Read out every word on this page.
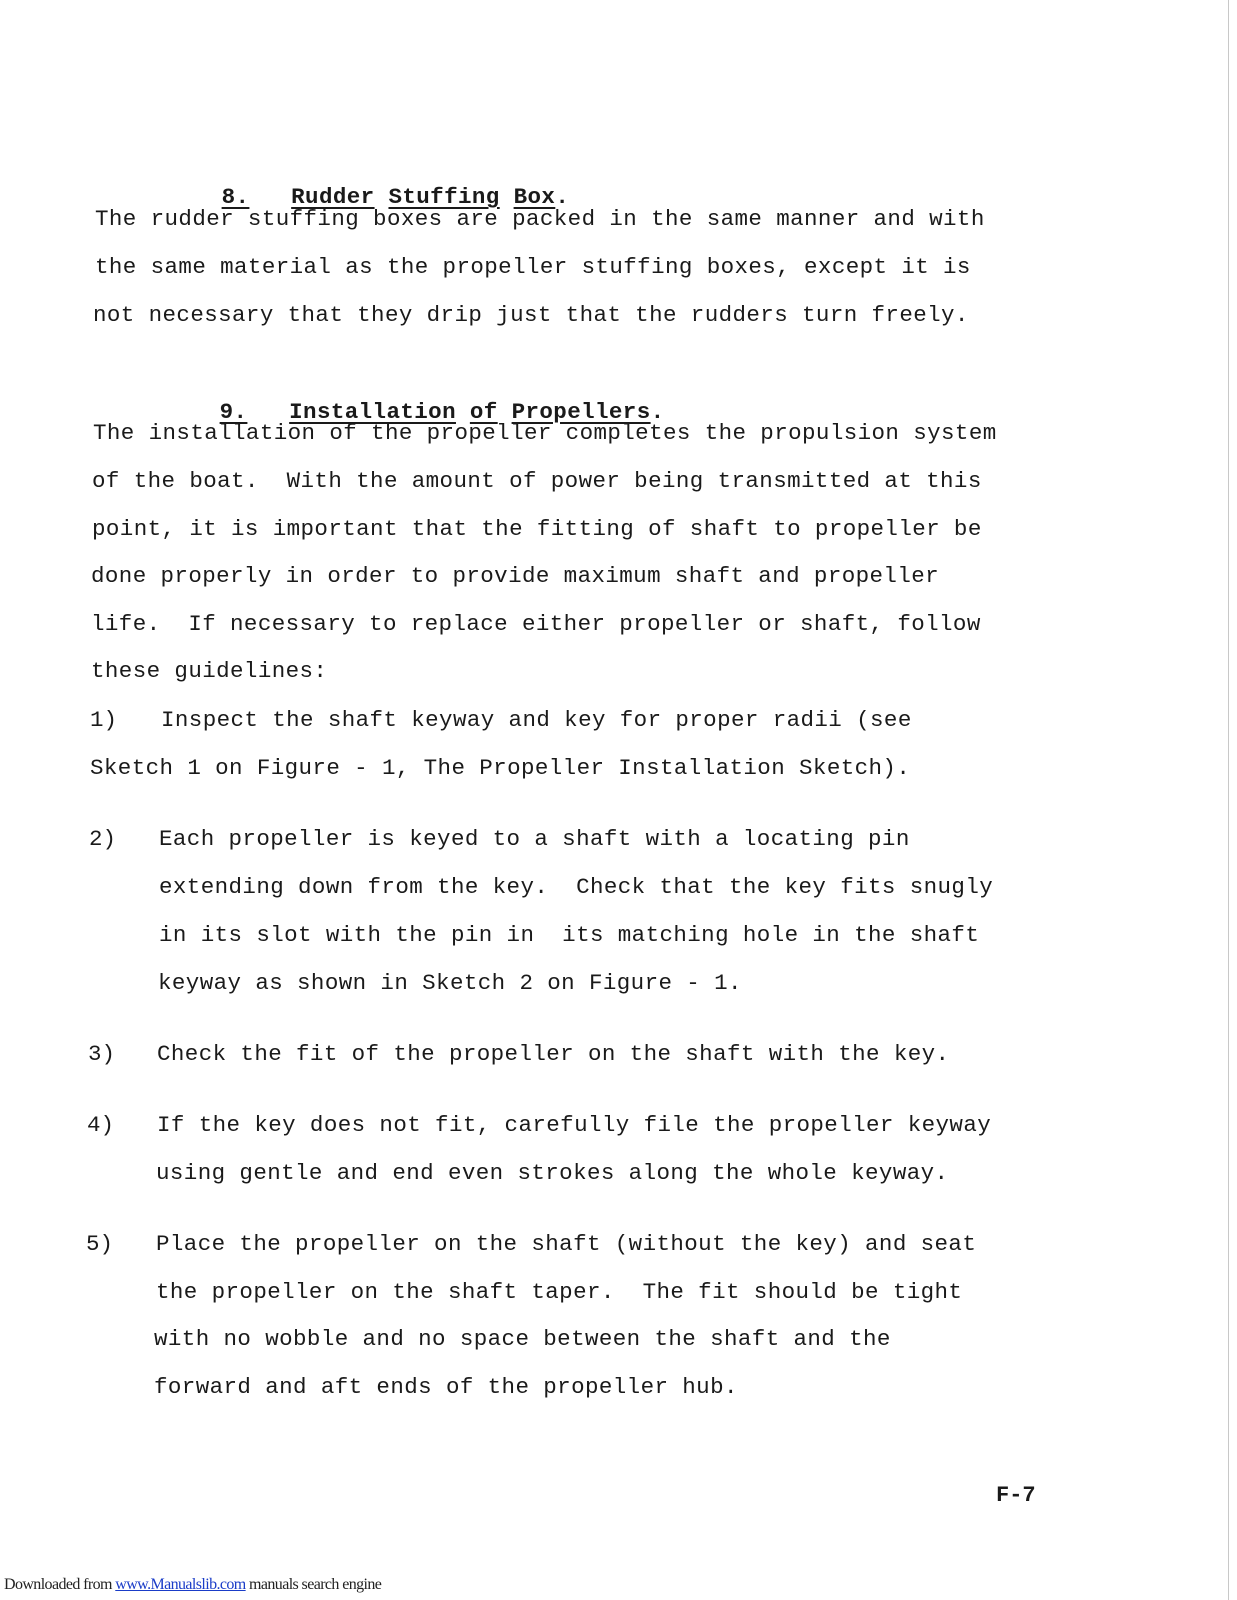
8. Rudder Stuffing Box.

The rudder stuffing boxes are packed in the same manner and with
the same material as the propeller stuffing boxes, except it is
not necessary that they drip just that the rudders turn freely.

9. Installation of Propellers.

The installation of the propeller completes the propulsion system
of the boat.  With the amount of power being transmitted at this
point, it is important that the fitting of shaft to propeller be
done properly in order to provide maximum shaft and propeller
life.  If necessary to replace either propeller or shaft, follow
these guidelines:
1) Inspect the shaft keyway and key for proper radii (see
Sketch 1 on Figure - 1, The Propeller Installation Sketch).
2) Each propeller is keyed to a shaft with a locating pin
extending down from the key.  Check that the key fits snugly
in its slot with the pin in  its matching hole in the shaft
keyway as shown in Sketch 2 on Figure - 1.
3) Check the fit of the propeller on the shaft with the key.
4) If the key does not fit, carefully file the propeller keyway
using gentle and end even strokes along the whole keyway.
5) Place the propeller on the shaft (without the key) and seat
the propeller on the shaft taper.  The fit should be tight
with no wobble and no space between the shaft and the
forward and aft ends of the propeller hub.
F-7
Downloaded from www.Manualslib.com manuals search engine
